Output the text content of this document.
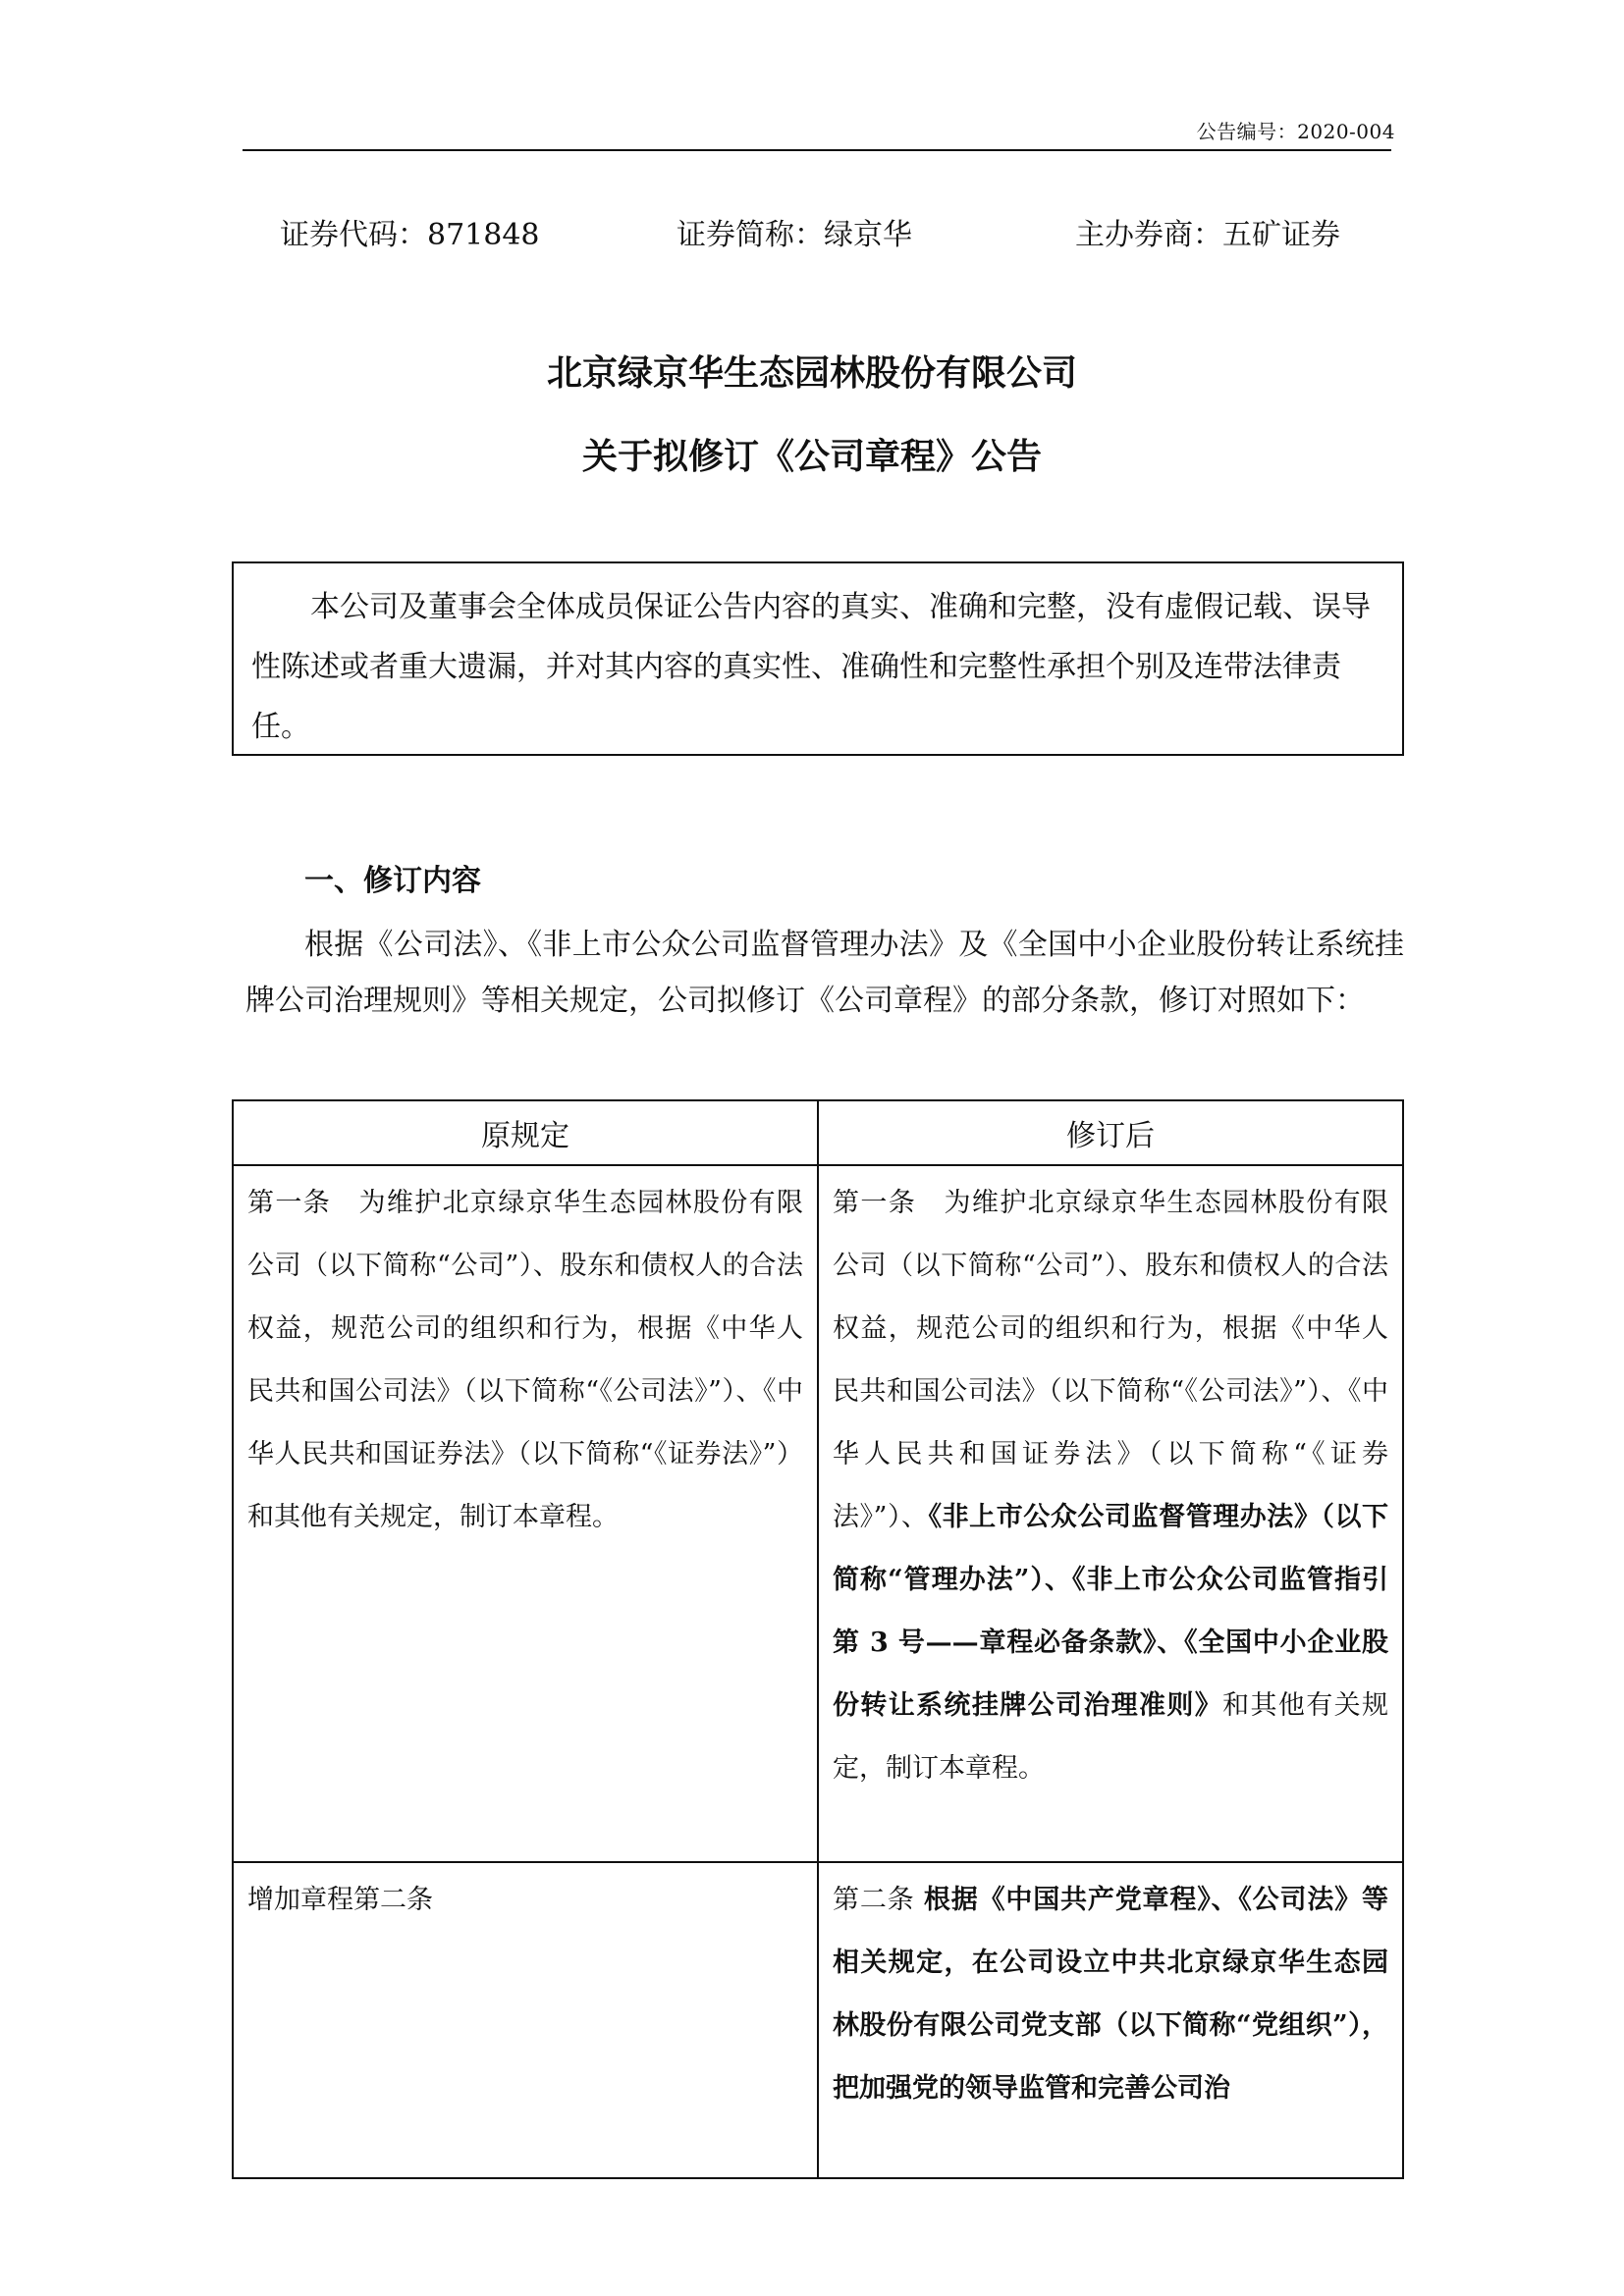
公告编号：2020-004
证券代码：871848	证券简称：绿京华	主办券商：五矿证券
北京绿京华生态园林股份有限公司
关于拟修订《公司章程》公告

本公司及董事会全体成员保证公告内容的真实、准确和完整，没有虚假记载、误导性陈述或者重大遗漏，并对其内容的真实性、准确性和完整性承担个别及连带法律责任。

一、修订内容

根据《公司法》、《非上市公众公司监督管理办法》及《全国中小企业股份转让系统挂牌公司治理规则》等相关规定，公司拟修订《公司章程》的部分条款，修订对照如下：

原规定	修订后
第一条　为维护北京绿京华生态园林股份有限公司（以下简称“公司”）、股东和债权人的合法权益，规范公司的组织和行为，根据《中华人民共和国公司法》（以下简称“《公司法》”）、《中华人民共和国证券法》（以下简称“《证券法》”）和其他有关规定，制订本章程。	第一条　为维护北京绿京华生态园林股份有限公司（以下简称“公司”）、股东和债权人的合法权益，规范公司的组织和行为，根据《中华人民共和国公司法》（以下简称“《公司法》”）、《中华人民共和国证券法》（以下简称“《证券法》”）、《非上市公众公司监督管理办法》（以下简称“管理办法”）、《非上市公众公司监管指引第 3 号——章程必备条款》、《全国中小企业股份转让系统挂牌公司治理准则》和其他有关规定，制订本章程。
增加章程第二条	第二条 根据《中国共产党章程》、《公司法》等相关规定，在公司设立中共北京绿京华生态园林股份有限公司党支部（以下简称“党组织”），把加强党的领导监管和完善公司治
